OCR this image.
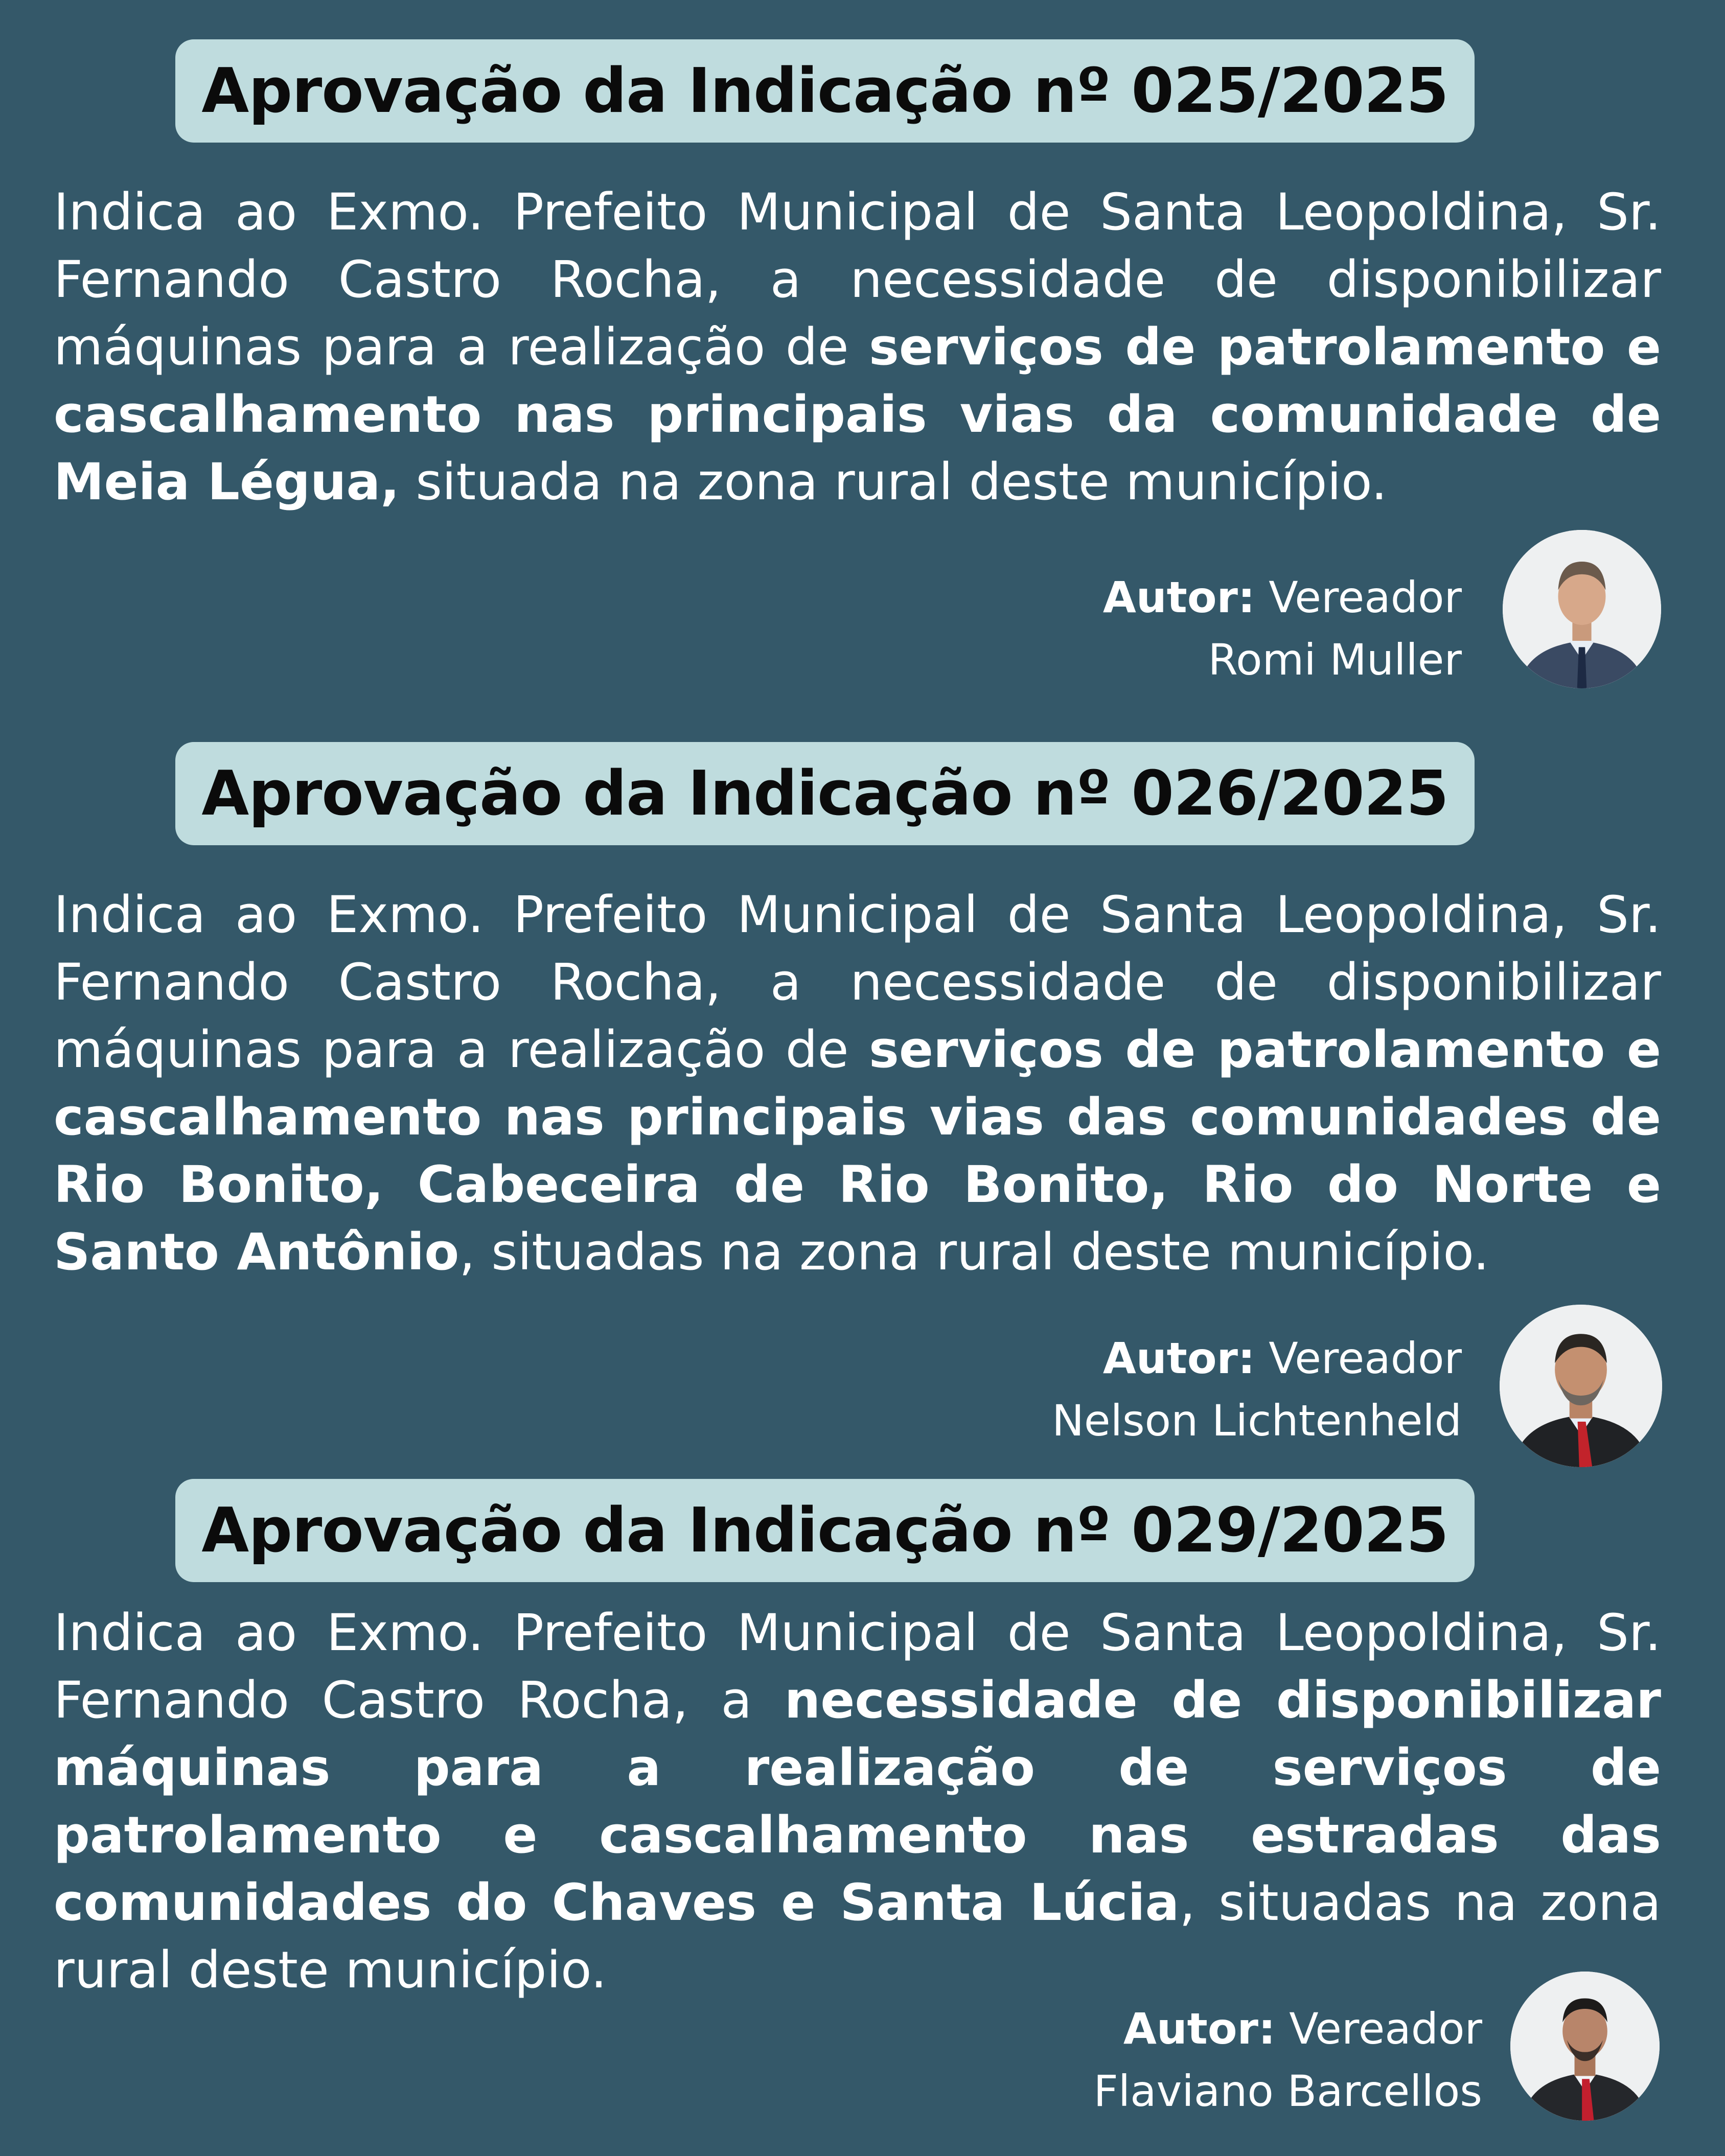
Aprovação da Indicação nº 025/2025

Indica ao Exmo. Prefeito Municipal de Santa Leopoldina, Sr. Fernando Castro Rocha, a necessidade de disponibilizar máquinas para a realização de serviços de patrolamento e cascalhamento nas principais vias da comunidade de Meia Légua, situada na zona rural deste município.

Autor: Vereador
Romi Muller
Aprovação da Indicação nº 026/2025

Indica ao Exmo. Prefeito Municipal de Santa Leopoldina, Sr. Fernando Castro Rocha, a necessidade de disponibilizar máquinas para a realização de serviços de patrolamento e cascalhamento nas principais vias das comunidades de Rio Bonito, Cabeceira de Rio Bonito, Rio do Norte e Santo Antônio, situadas na zona rural deste município.

Autor: Vereador
Nelson Lichtenheld
Aprovação da Indicação nº 029/2025

Indica ao Exmo. Prefeito Municipal de Santa Leopoldina, Sr. Fernando Castro Rocha, a necessidade de disponibilizar máquinas para a realização de serviços de patrolamento e cascalhamento nas estradas das comunidades do Chaves e Santa Lúcia, situadas na zona rural deste município.

Autor: Vereador
Flaviano Barcellos
